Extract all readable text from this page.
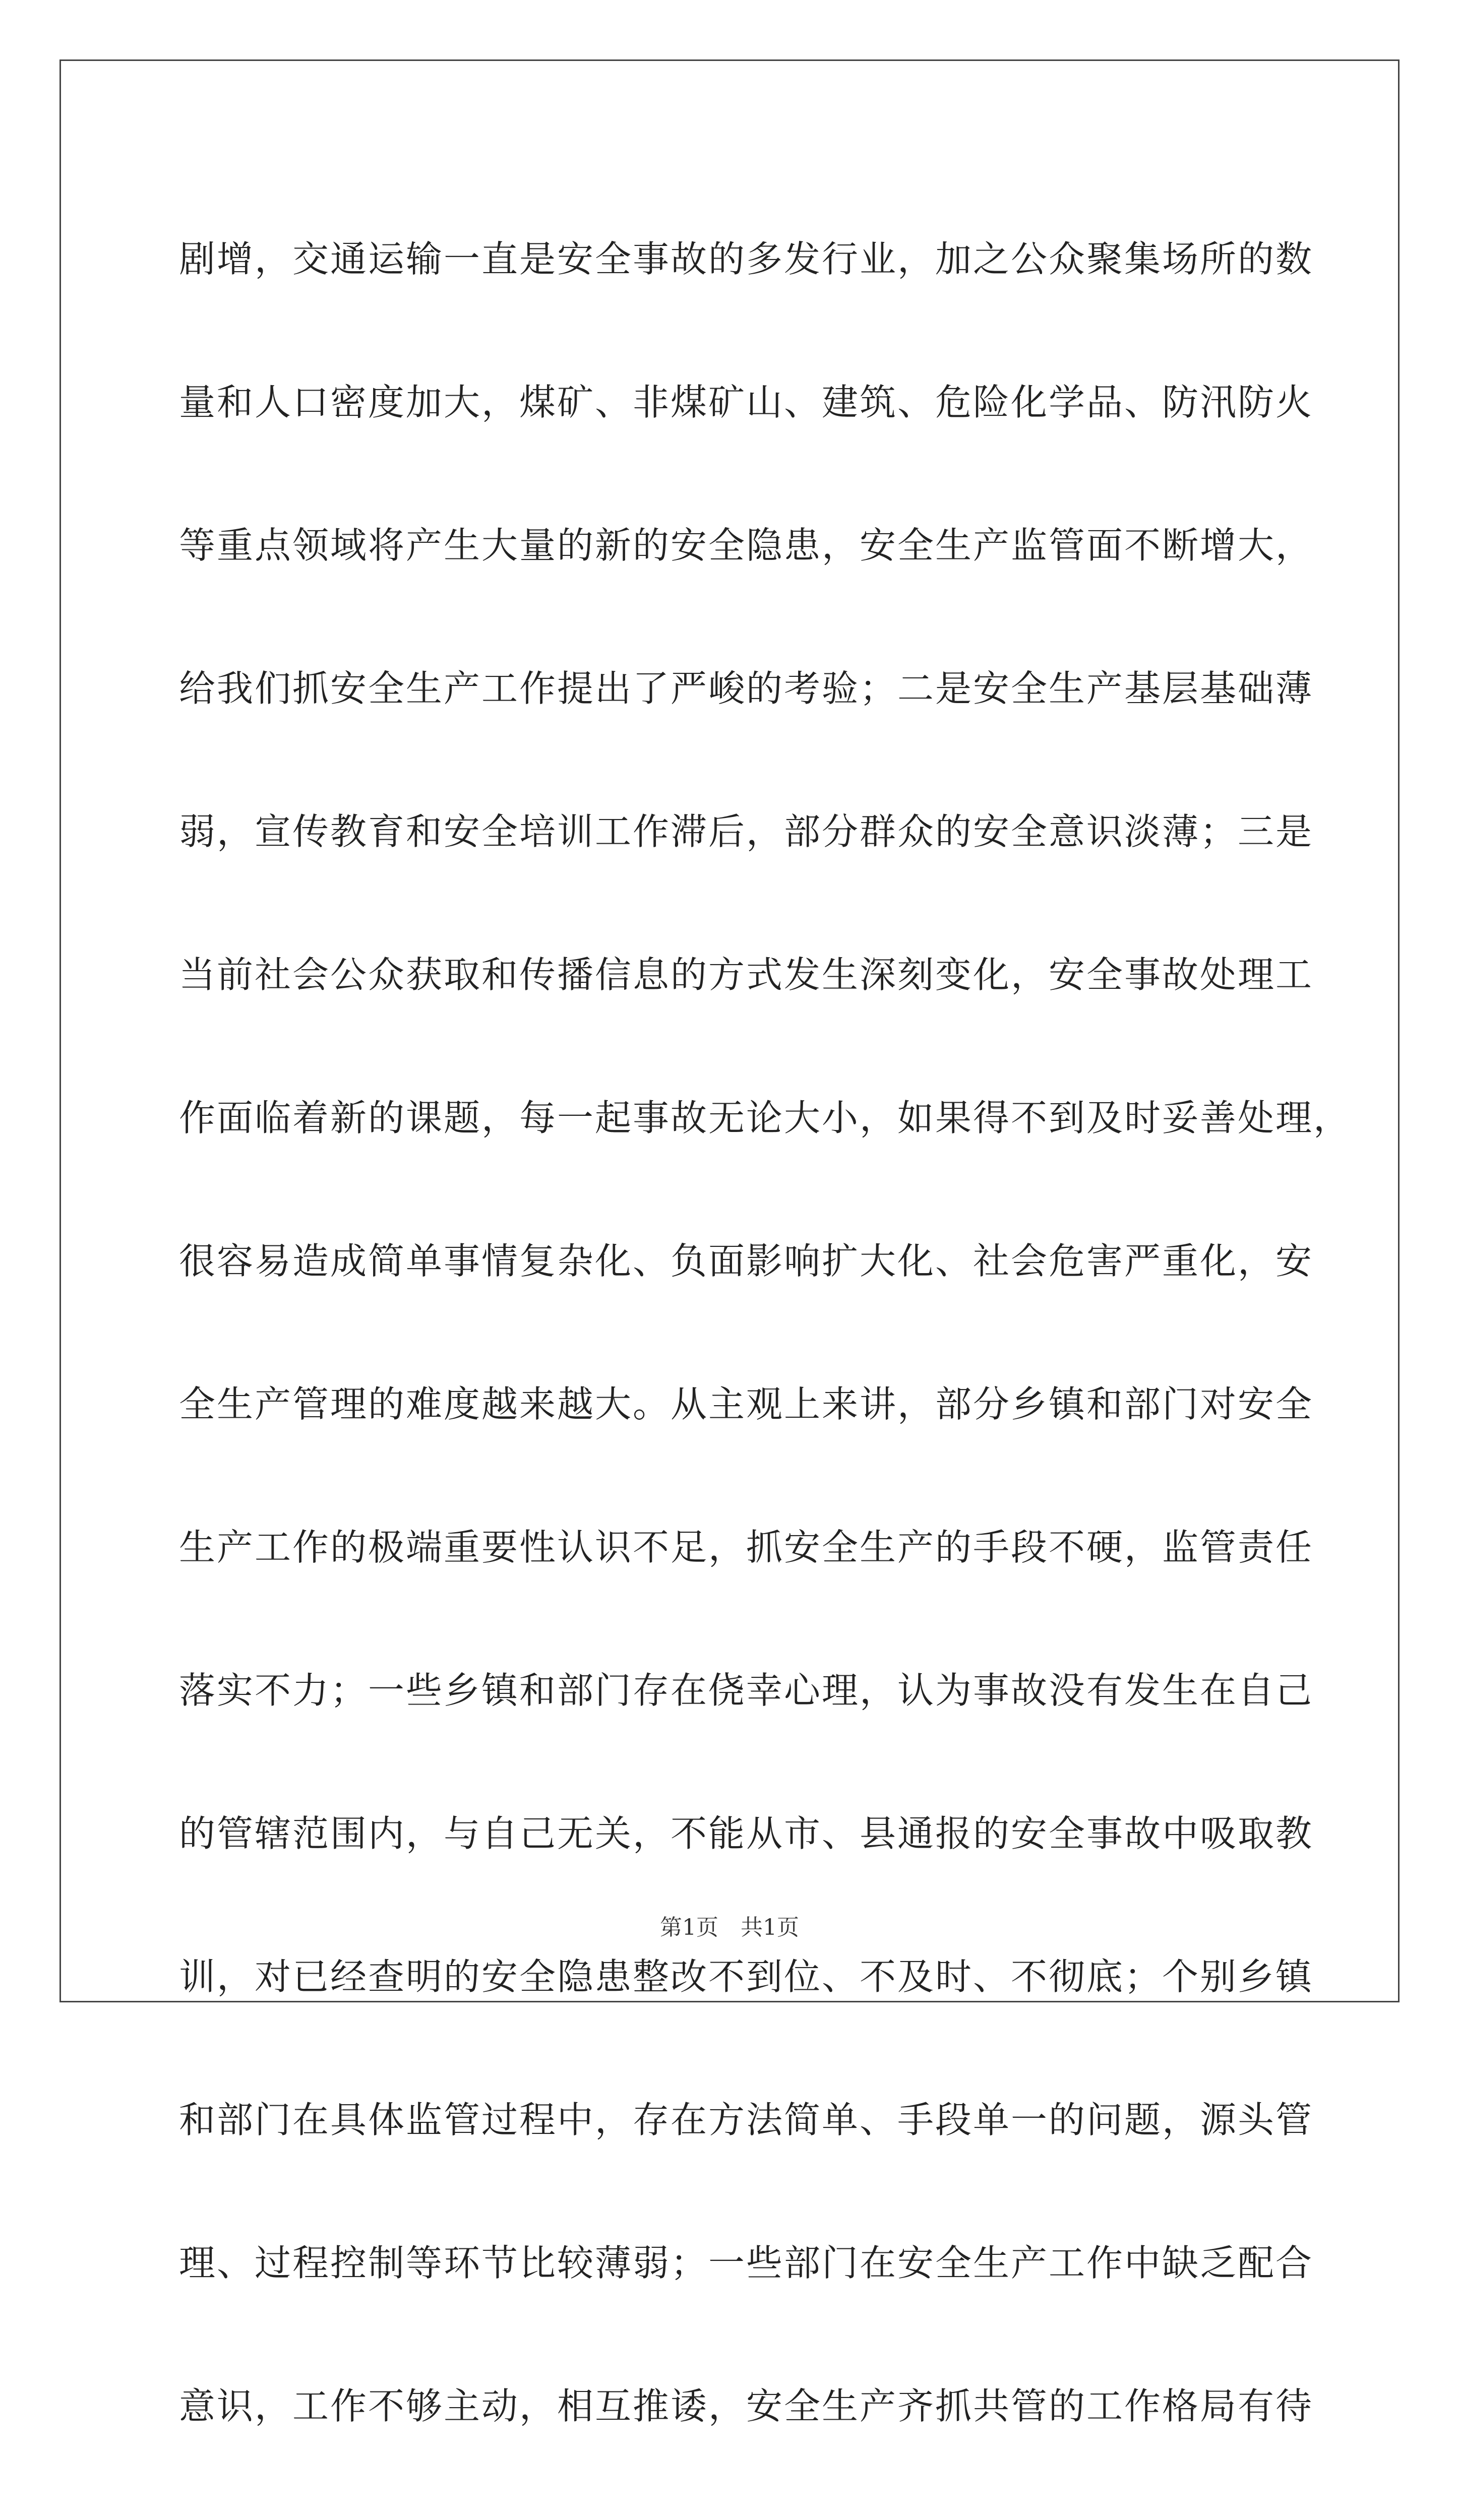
剧增，交通运输一直是安全事故的多发行业，加之公众聚集场所的数
量和人口密度加大，煤矿、非煤矿山、建筑、危险化学品、防汛防火
等重点领域将产生大量的新的安全隐患，安全生产监管面不断增大，
给我们抓安全生产工作提出了严峻的考验；二是安全生产基层基础薄
弱，宣传教育和安全培训工作滞后，部分群众的安全意识淡薄；三是
当前社会公众获取和传播信息的方式发生深刻变化，安全事故处理工
作面临着新的课题，每一起事故无论大小，如果得不到及时妥善处理，
很容易造成简单事情复杂化、负面影响扩大化、社会危害严重化，安
全生产管理的难度越来越大。从主观上来讲，部分乡镇和部门对安全
生产工作的极端重要性认识不足，抓安全生产的手段不硬，监管责任
落实不力；一些乡镇和部门存在侥幸心理，认为事故没有发生在自己
的管辖范围内，与自己无关，不能从市、县通报的安全事故中吸取教
训，对已经查明的安全隐患整改不到位、不及时、不彻底；个别乡镇
和部门在具体监管过程中，存在方法简单、手段单一的问题，源头管
理、过程控制等环节比较薄弱；一些部门在安全生产工作中缺乏配合
意识，工作不够主动，相互推诿，安全生产齐抓共管的工作格局有待
第1页　共1页
